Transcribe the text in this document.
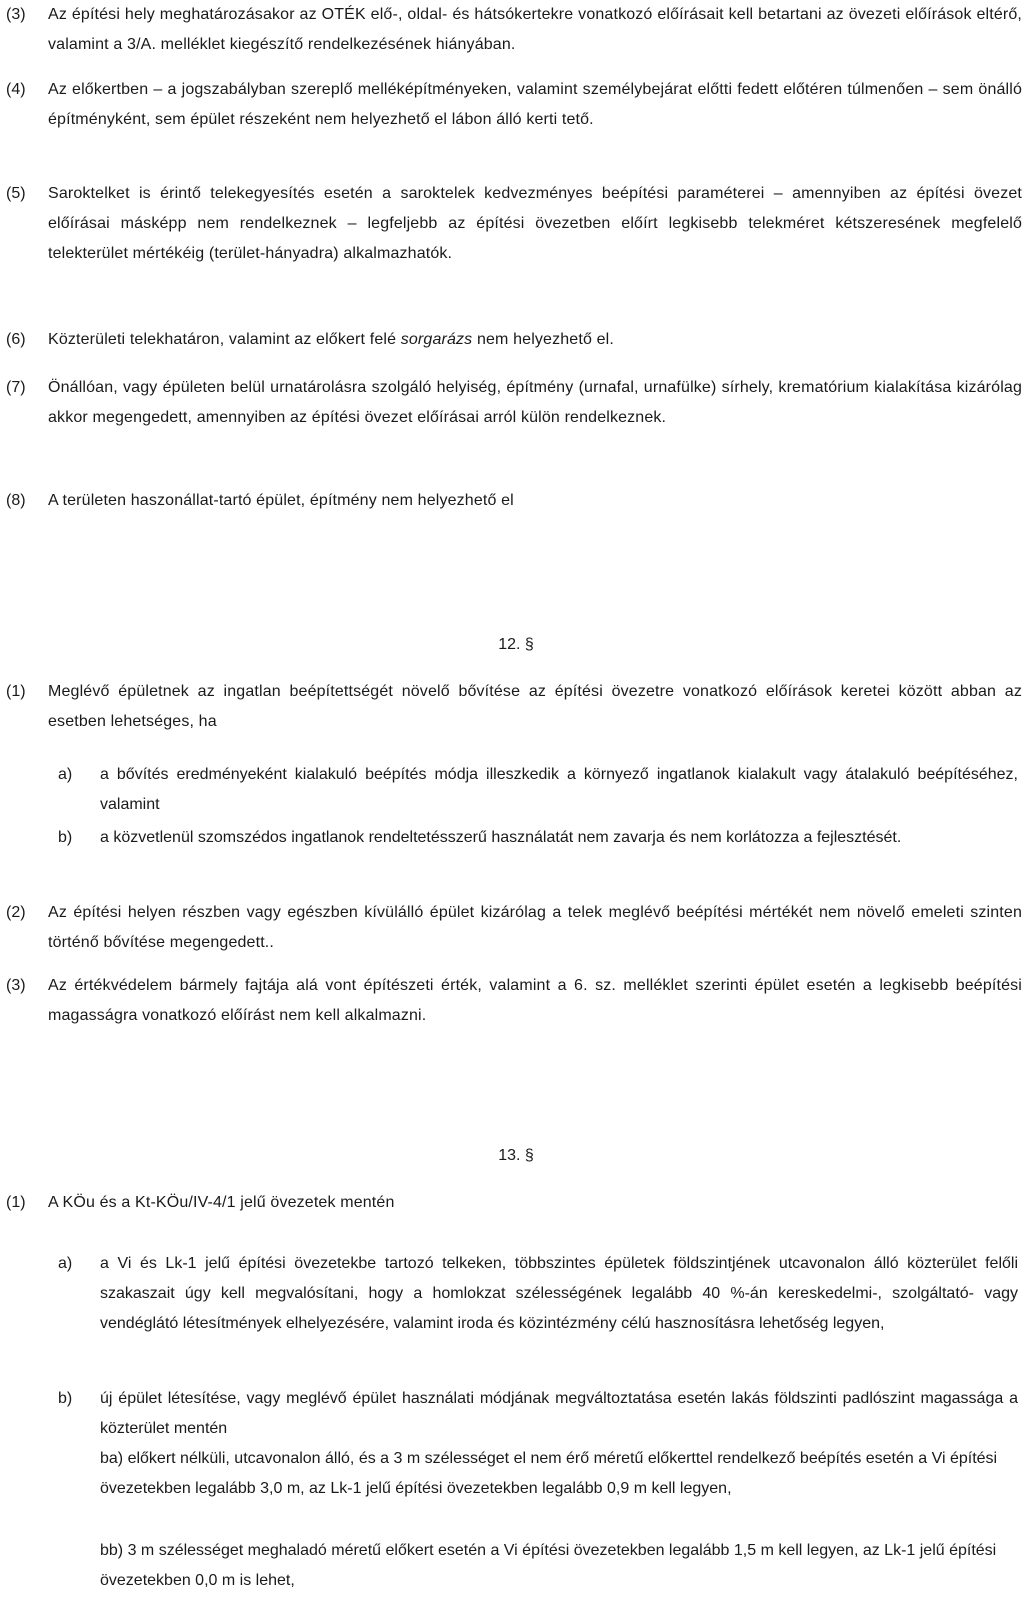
(3)	Az építési hely meghatározásakor az OTÉK elő-, oldal- és hátsókertekre vonatkozó előírásait kell betartani az övezeti előírások eltérő, valamint a 3/A. melléklet kiegészítő rendelkezésének hiányában.
(4)	Az előkertben – a jogszabályban szereplő melléképítményeken, valamint személybejárat előtti fedett előtéren túlmenően – sem önálló építményként, sem épület részeként nem helyezhető el lábon álló kerti tető.
(5)	Saroktelket is érintő telekegyesítés esetén a saroktelek kedvezményes beépítési paraméterei – amennyiben az építési övezet előírásai másképp nem rendelkeznek – legfeljebb az építési övezetben előírt legkisebb telekméret kétszeresének megfelelő telekterület mértékéig (terület-hányadra) alkalmazhatók.
(6)	Közterületi telekhatáron, valamint az előkert felé sorgarázs nem helyezhető el.
(7)	Önállóan, vagy épületen belül urnatárolásra szolgáló helyiség, építmény (urnafal, urnafülke) sírhely, krematórium kialakítása kizárólag akkor megengedett, amennyiben az építési övezet előírásai arról külön rendelkeznek.
(8)	A területen haszonállat-tartó épület, építmény nem helyezhető el
12. §
(1)	Meglévő épületnek az ingatlan beépítettségét növelő bővítése az építési övezetre vonatkozó előírások keretei között abban az esetben lehetséges, ha
a)	a bővítés eredményeként kialakuló beépítés módja illeszkedik a környező ingatlanok kialakult vagy átalakuló beépítéséhez, valamint
b)	a közvetlenül szomszédos ingatlanok rendeltetésszerű használatát nem zavarja és nem korlátozza a fejlesztését.
(2)	Az építési helyen részben vagy egészben kívülálló épület kizárólag a telek meglévő beépítési mértékét nem növelő emeleti szinten történő bővítése megengedett..
(3)	Az értékvédelem bármely fajtája alá vont építészeti érték, valamint a 6. sz. melléklet szerinti épület esetén a legkisebb beépítési magasságra vonatkozó előírást nem kell alkalmazni.
13. §
(1)	A KÖu és a Kt-KÖu/IV-4/1 jelű övezetek mentén
a)	a Vi és Lk-1 jelű építési övezetekbe tartozó telkeken, többszintes épületek földszintjének utcavonalon álló közterület felőli szakaszait úgy kell megvalósítani, hogy a homlokzat szélességének legalább 40 %-án kereskedelmi-, szolgáltató- vagy vendéglátó létesítmények elhelyezésére, valamint iroda és közintézmény célú hasznosításra lehetőség legyen,
b)	új épület létesítése, vagy meglévő épület használati módjának megváltoztatása esetén lakás földszinti padlószint magassága a közterület mentén
ba) előkert nélküli, utcavonalon álló, és a 3 m szélességet el nem érő méretű előkerttel rendelkező beépítés esetén a Vi építési övezetekben legalább 3,0 m, az Lk-1 jelű építési övezetekben legalább 0,9 m kell legyen,
bb) 3 m szélességet meghaladó méretű előkert esetén a Vi építési övezetekben legalább 1,5 m kell legyen, az Lk-1 jelű építési övezetekben 0,0 m is lehet,
